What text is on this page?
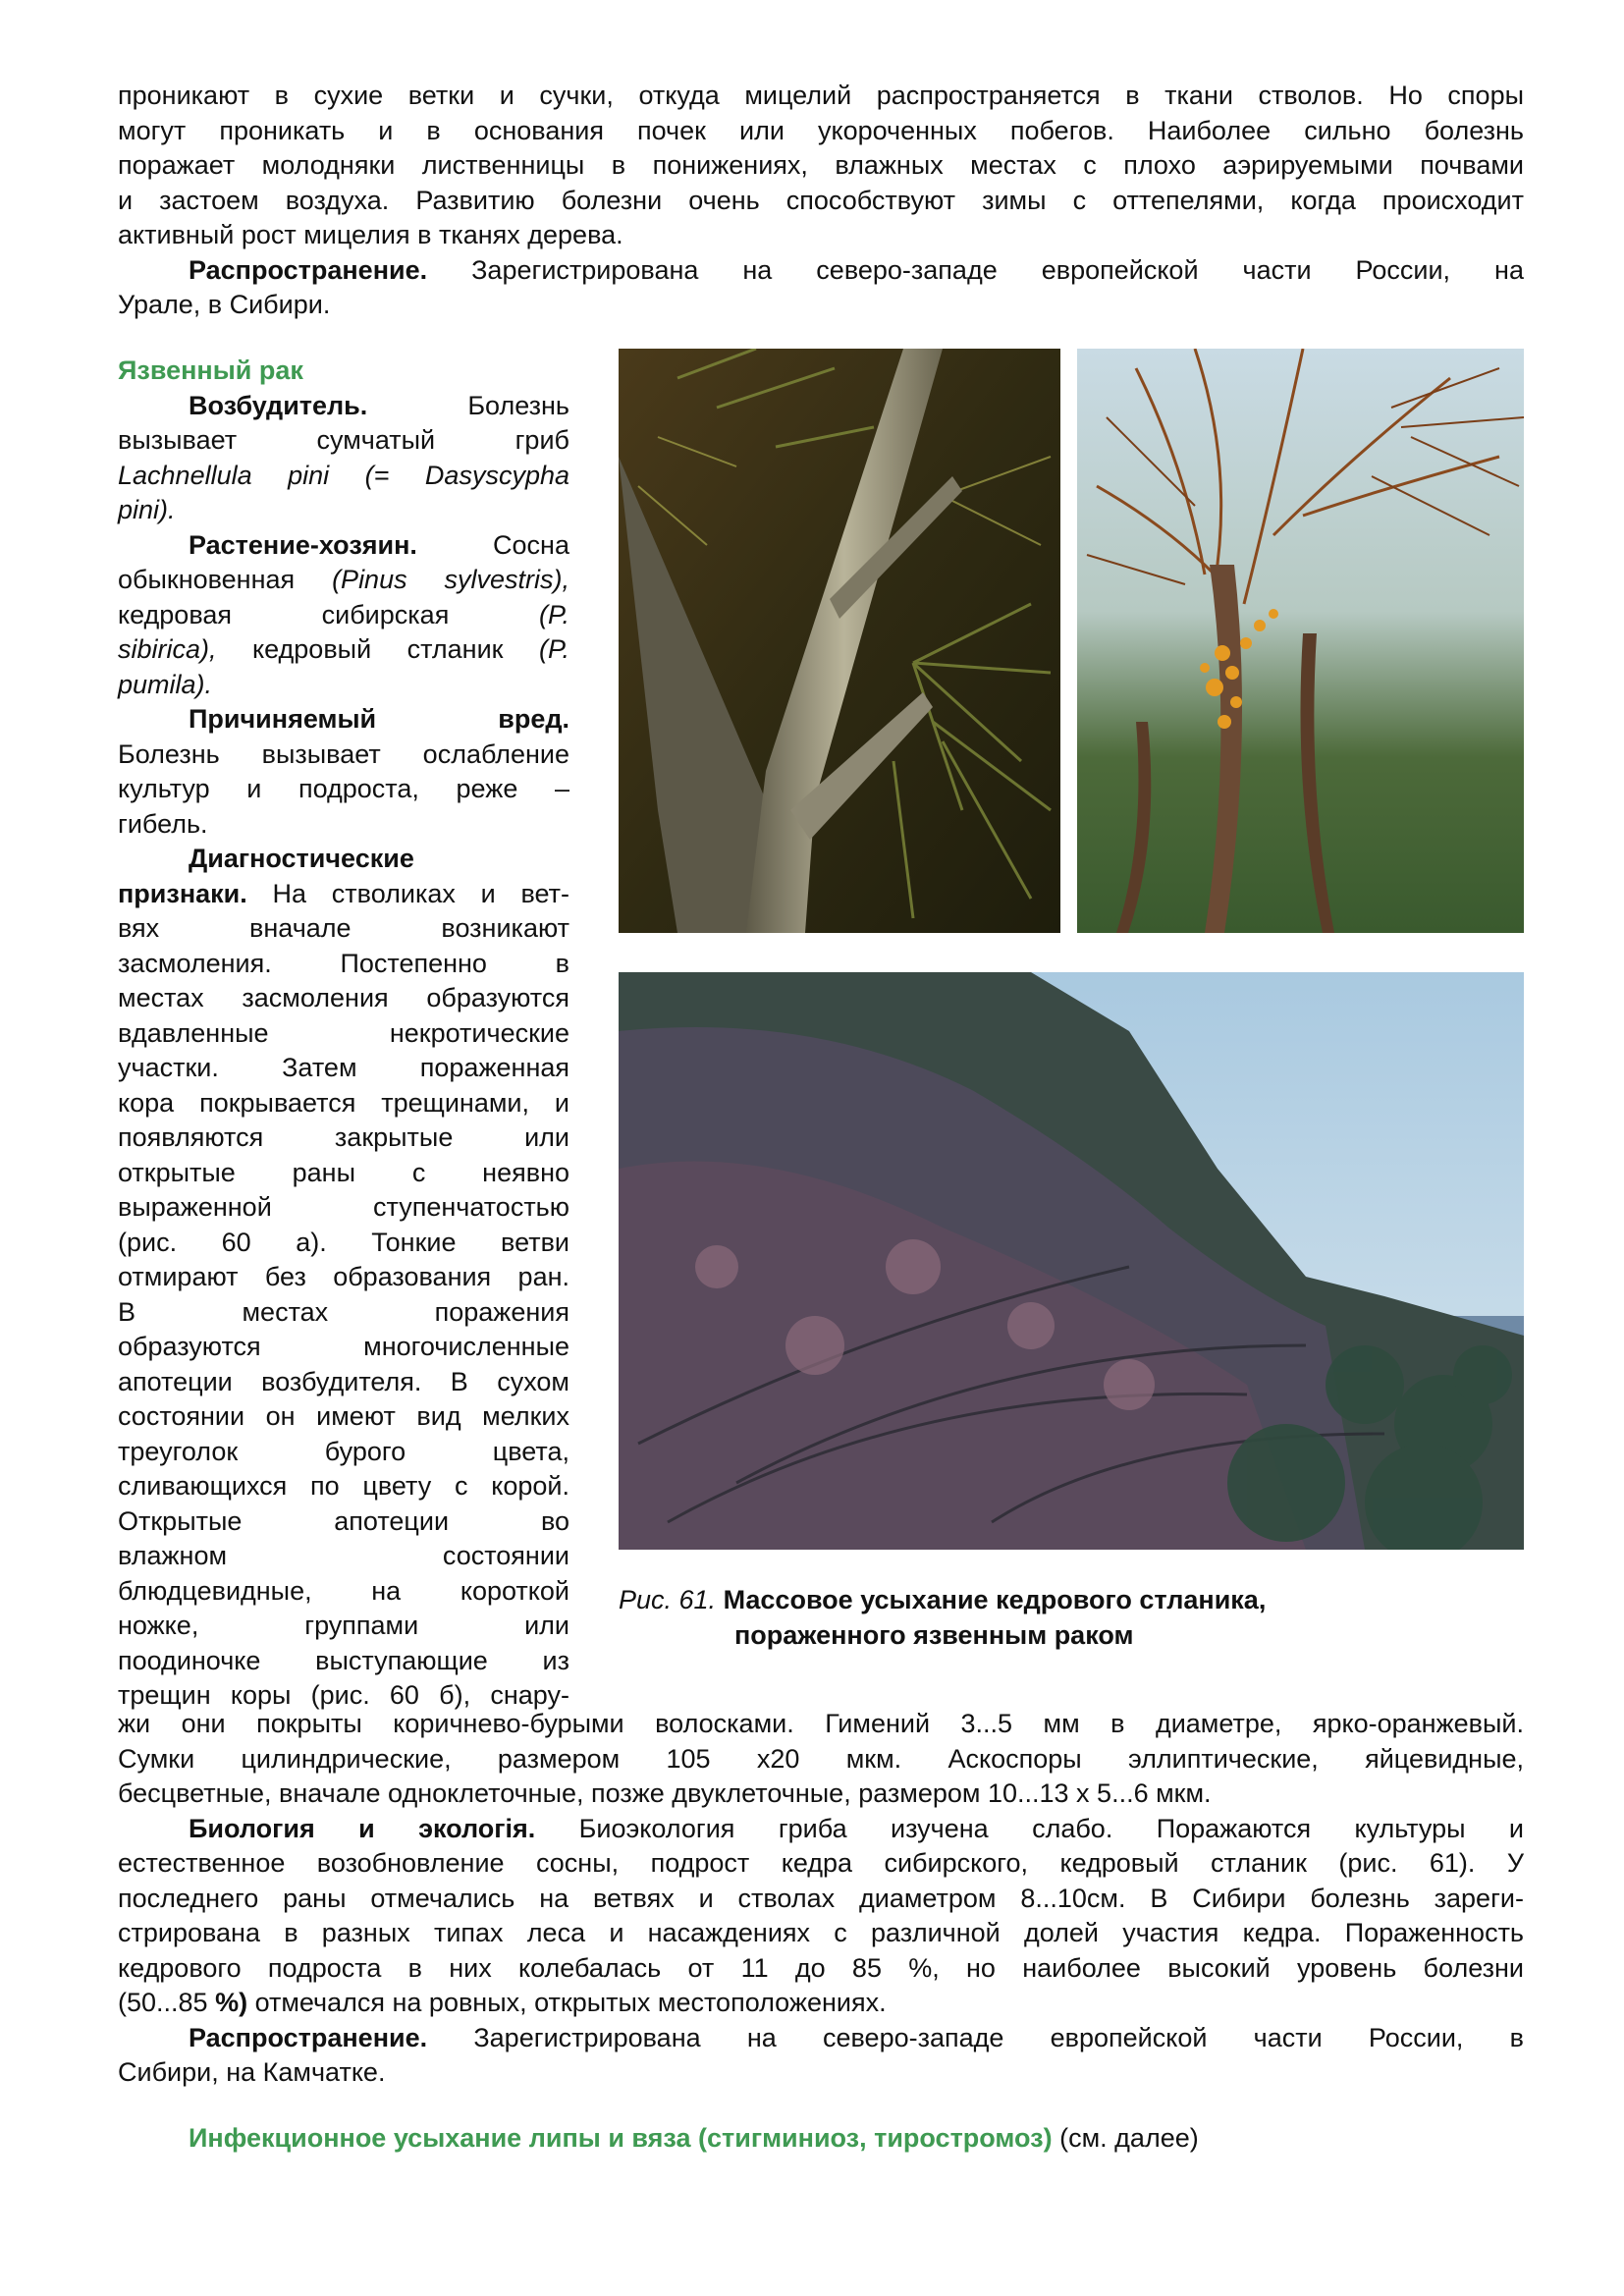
проникают в сухие ветки и сучки, откуда мицелий распространяется в ткани стволов. Но споры
могут проникать и в основания почек или укороченных побегов. Наиболее сильно болезнь
поражает молодняки лиственницы в понижениях, влажных местах с плохо аэрируемыми почвами
и застоем воздуха. Развитию болезни очень способствуют зимы с оттепелями, когда происходит
активный рост мицелия в тканях дерева.
Распространение. Зарегистрирована на северо-западе европейской части России, на
Урале, в Сибири.
Язвенный рак
Возбудитель.	Болезнь
вызывает сумчатый гриб
Lachnellula pini (= Dasyscypha
pini).
Растение-хозяин.	Сосна
обыкновенная (Pinus sylvestris),
кедровая сибирская (P.
sibirica), кедровый стланик (P.
pumila).
Причиняемый	вред.
Болезнь вызывает ослабление
культур и подроста, реже –
гибель.
Диагностические
признаки. На стволиках и вет-
вях вначале возникают
засмоления. Постепенно в
местах засмоления образуются
вдавленные некротические
участки. Затем пораженная
кора покрывается трещинами, и
появляются закрытые или
открытые раны с неявно
выраженной ступенчатостью
(рис. 60 а). Тонкие ветви
отмирают без образования ран.
В местах поражения
образуются многочисленные
апотеции возбудителя. В сухом
состоянии он имеют вид мелких
треуголок бурого цвета,
сливающихся по цвету с корой.
Открытые апотеции во
влажном состоянии
блюдцевидные, на короткой
ножке, группами или
поодиночке выступающие из
трещин коры (рис. 60 б), снару-
Рис. 61. Массовое усыхание кедрового стланика,
пораженного язвенным раком
жи они покрыты коричнево-бурыми волосками. Гимений 3...5 мм в диаметре, ярко-оранжевый.
Сумки цилиндрические, размером 105 x20 мкм. Аскоспоры эллиптические, яйцевидные,
бесцветные, вначале одноклеточные, позже двуклеточные, размером 10...13 x 5...6 мкм.
Биология и экологія. Биоэкология гриба изучена слабо. Поражаются культуры и
естественное возобновление сосны, подрост кедра сибирского, кедровый стланик (рис. 61). У
последнего раны отмечались на ветвях и стволах диаметром 8...10см. В Сибири болезнь зареги-
стрирована в разных типах леса и насаждениях с различной долей участия кедра. Пораженность
кедрового подроста в них колебалась от 11 до 85 %, но наиболее высокий уровень болезни
(50...85 %) отмечался на ровных, открытых местоположениях.
Распространение. Зарегистрирована на северо-западе европейской части России, в
Сибири, на Камчатке.
Инфекционное усыхание липы и вяза (стигминиоз, тиростромоз) (см. далее)
